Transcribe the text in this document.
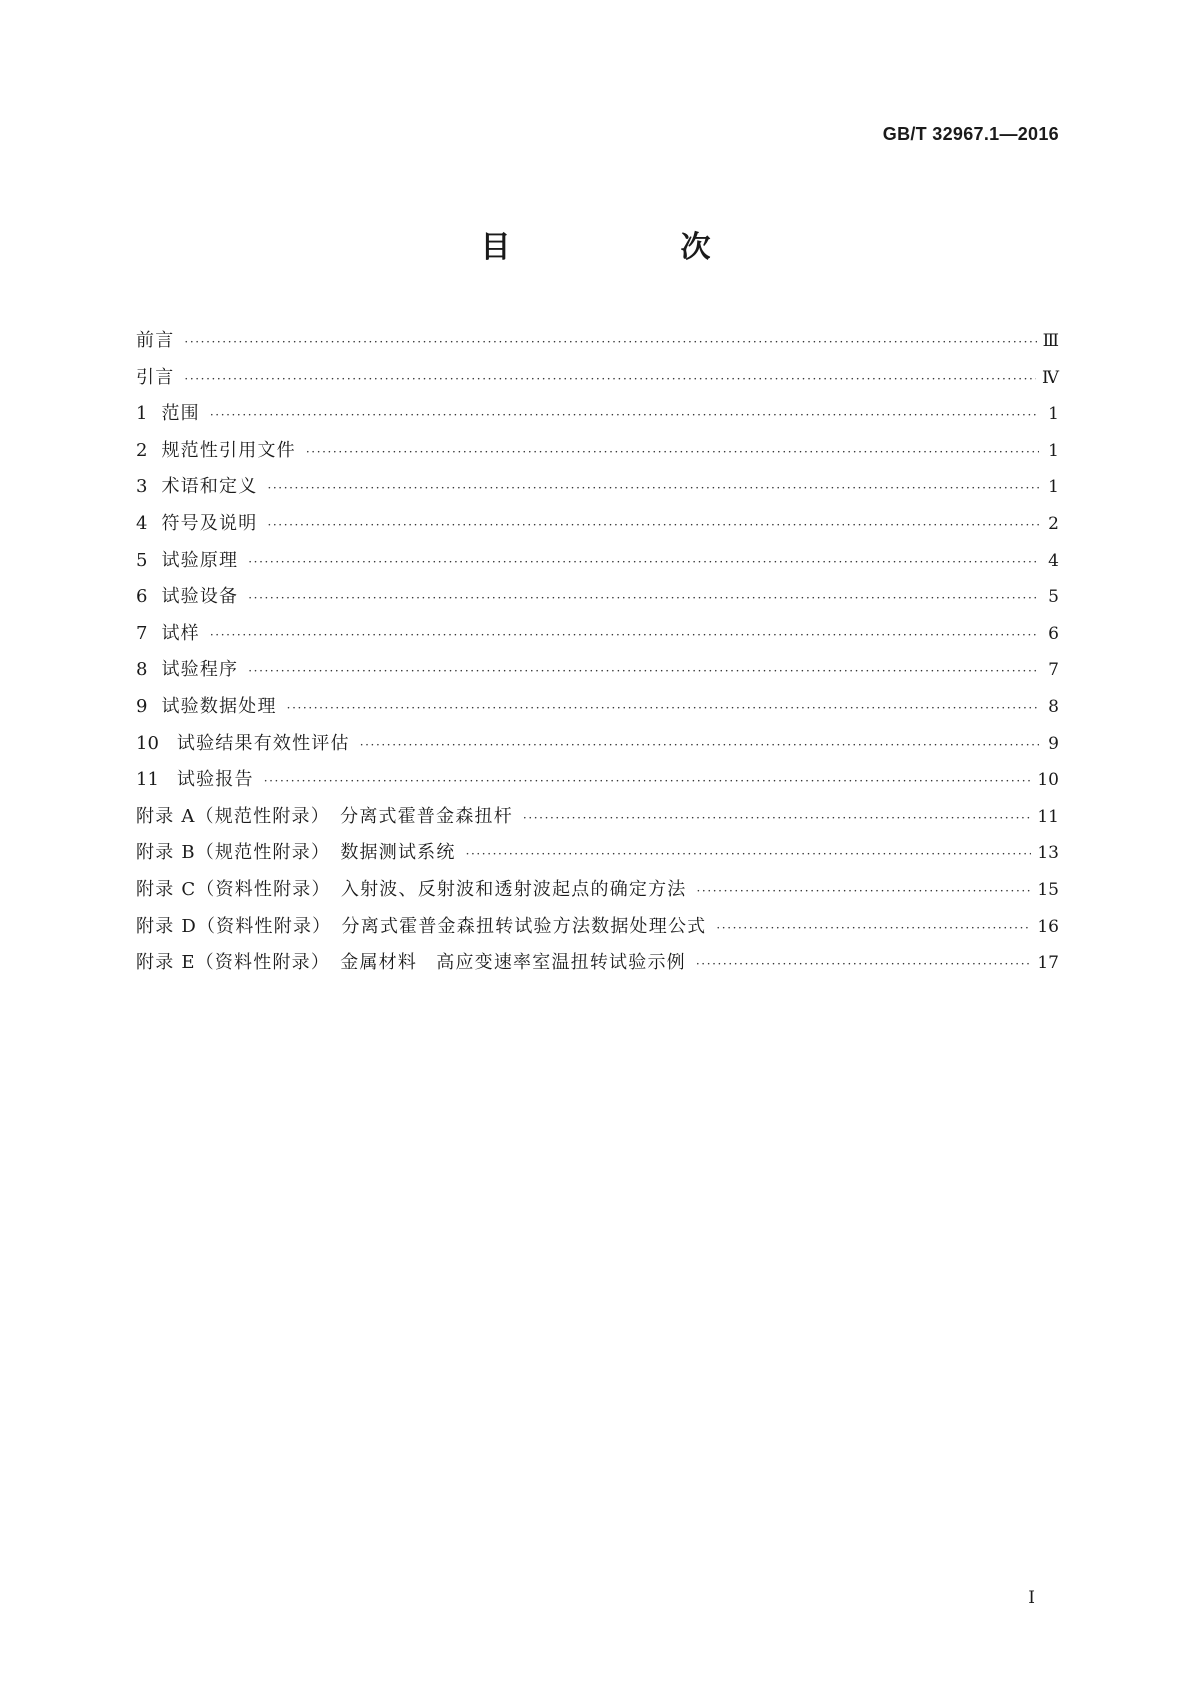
GB/T 32967.1—2016
目　次
前言 ·····	Ⅲ
引言 ·····	Ⅳ
1 范围 ·····	1
2 规范性引用文件 ·····	1
3 术语和定义 ·····	1
4 符号及说明 ·····	2
5 试验原理 ·····	4
6 试验设备 ·····	5
7 试样 ·····	6
8 试验程序 ·····	7
9 试验数据处理 ·····	8
10 试验结果有效性评估 ·····	9
11 试验报告 ·····	10
附录 A（规范性附录）　分离式霍普金森扭杆 ·····	11
附录 B（规范性附录）　数据测试系统 ·····	13
附录 C（资料性附录）　入射波、反射波和透射波起点的确定方法 ·····	15
附录 D（资料性附录）　分离式霍普金森扭转试验方法数据处理公式 ·····	16
附录 E（资料性附录）　金属材料　高应变速率室温扭转试验示例 ·····	17
I
